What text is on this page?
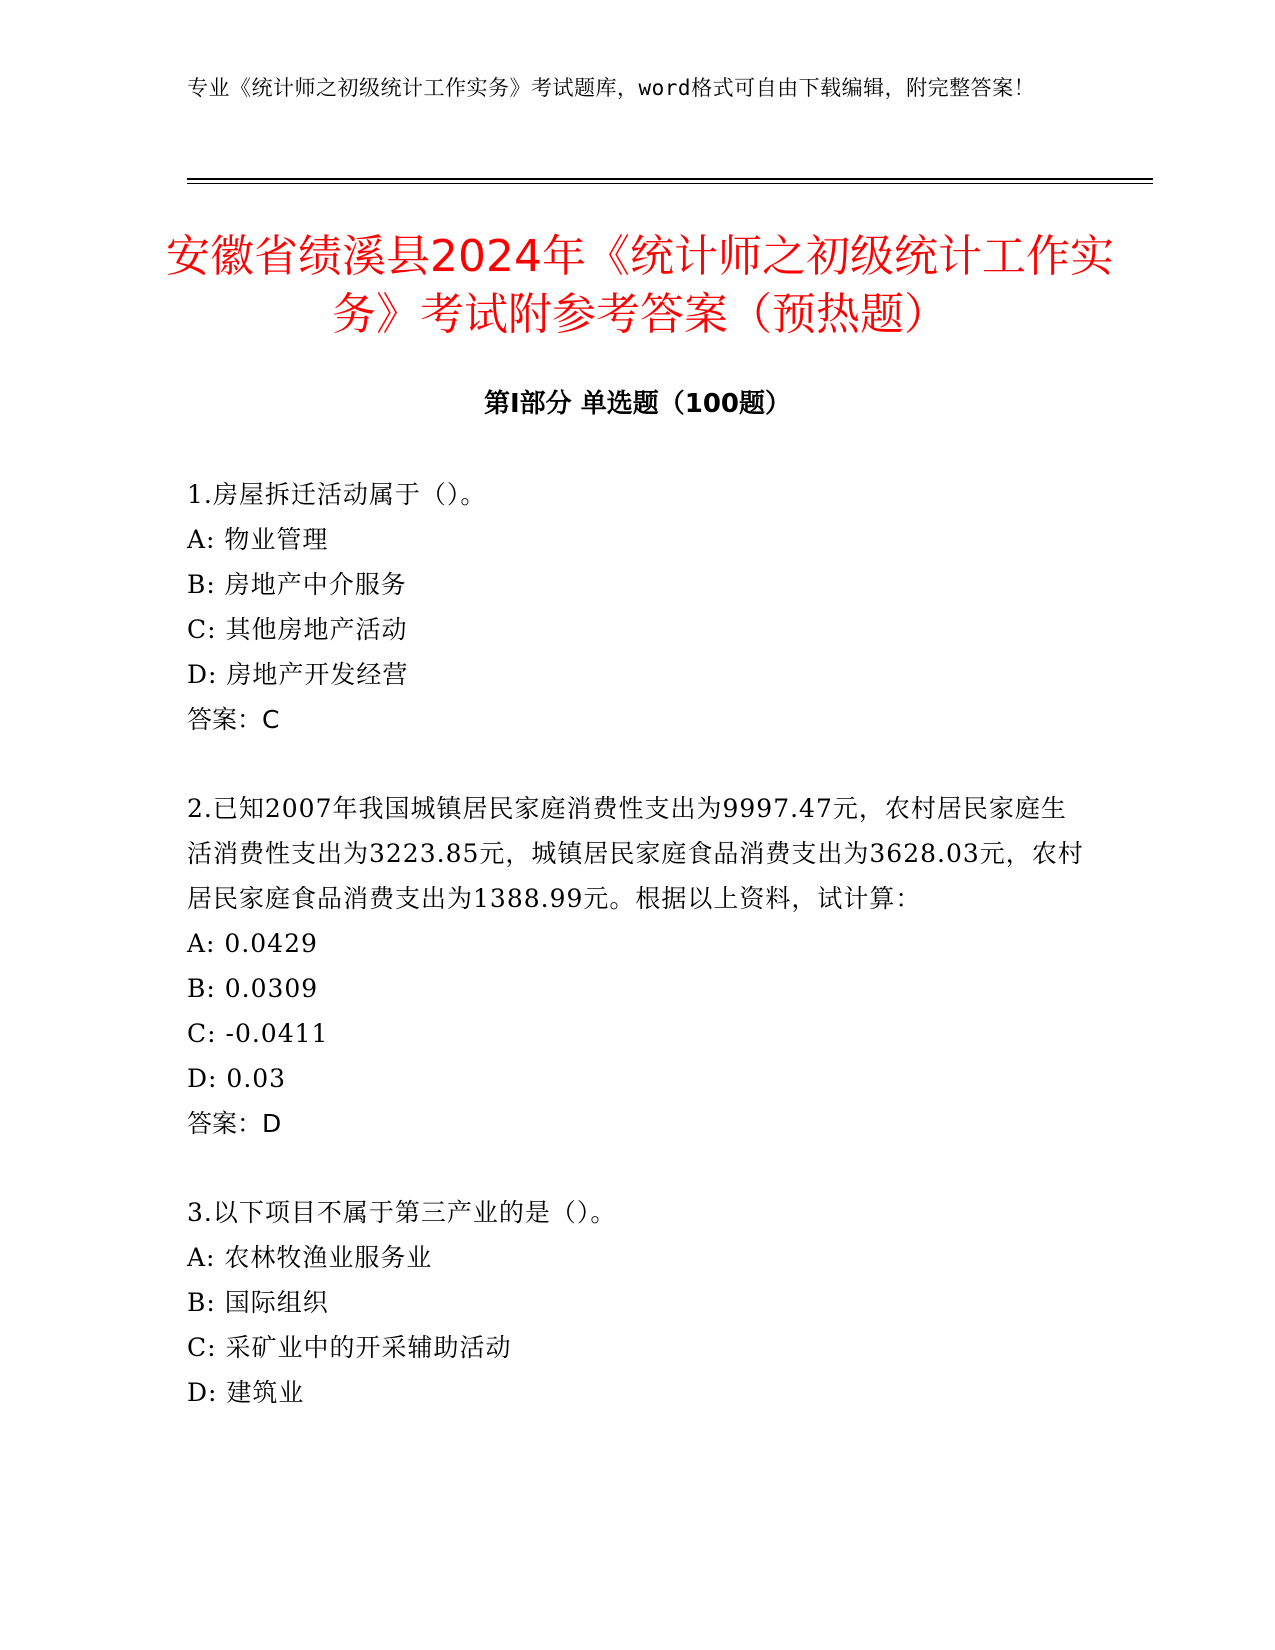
专业《统计师之初级统计工作实务》考试题库，word格式可自由下载编辑，附完整答案！
安徽省绩溪县2024年《统计师之初级统计工作实务》考试附参考答案（预热题）
第I部分 单选题（100题）
1.房屋拆迁活动属于（）。
A: 物业管理
B: 房地产中介服务
C: 其他房地产活动
D: 房地产开发经营
答案：C
2.已知2007年我国城镇居民家庭消费性支出为9997.47元，农村居民家庭生活消费性支出为3223.85元，城镇居民家庭食品消费支出为3628.03元，农村居民家庭食品消费支出为1388.99元。根据以上资料，试计算：
A: 0.0429
B: 0.0309
C: -0.0411
D: 0.03
答案：D
3.以下项目不属于第三产业的是（）。
A: 农林牧渔业服务业
B: 国际组织
C: 采矿业中的开采辅助活动
D: 建筑业
